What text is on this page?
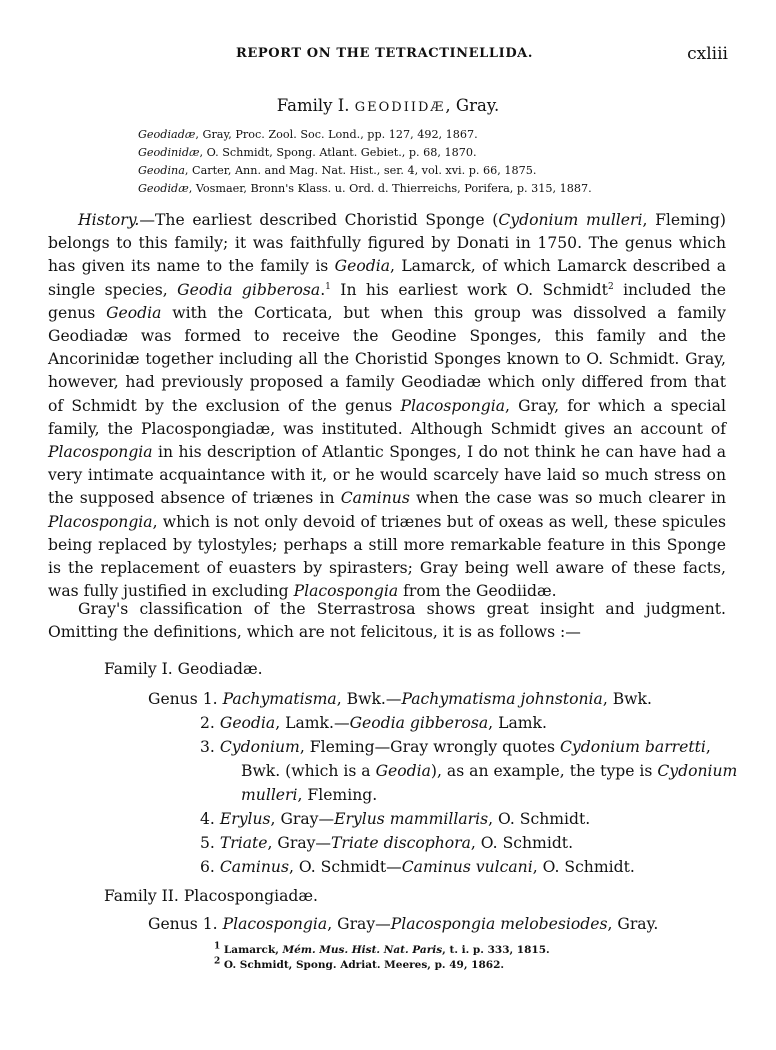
REPORT ON THE TETRACTINELLIDA.	cxliii
Family I. GEODIIDÆ, Gray.
Geodiadæ, Gray, Proc. Zool. Soc. Lond., pp. 127, 492, 1867.
Geodinidæ, O. Schmidt, Spong. Atlant. Gebiet., p. 68, 1870.
Geodina, Carter, Ann. and Mag. Nat. Hist., ser. 4, vol. xvi. p. 66, 1875.
Geodidæ, Vosmaer, Bronn's Klass. u. Ord. d. Thierreichs, Porifera, p. 315, 1887.
History.—The earliest described Choristid Sponge (Cydonium mulleri, Fleming) belongs to this family; it was faithfully figured by Donati in 1750. The genus which has given its name to the family is Geodia, Lamarck, of which Lamarck described a single species, Geodia gibberosa.$^1$ In his earliest work O. Schmidt$^2$ included the genus Geodia with the Corticata, but when this group was dissolved a family Geodiadæ was formed to receive the Geodine Sponges, this family and the Ancorinidæ together including all the Choristid Sponges known to O. Schmidt. Gray, however, had previously proposed a family Geodiadæ which only differed from that of Schmidt by the exclusion of the genus Placospongia, Gray, for which a special family, the Placospongiadæ, was instituted. Although Schmidt gives an account of Placospongia in his description of Atlantic Sponges, I do not think he can have had a very intimate acquaintance with it, or he would scarcely have laid so much stress on the supposed absence of triænes in Caminus when the case was so much clearer in Placospongia, which is not only devoid of triænes but of oxeas as well, these spicules being replaced by tylostyles; perhaps a still more remarkable feature in this Sponge is the replacement of euasters by spirasters; Gray being well aware of these facts, was fully justified in excluding Placospongia from the Geodiidæ.
Gray's classification of the Sterrastrosa shows great insight and judgment. Omitting the definitions, which are not felicitous, it is as follows :—
Family I. Geodiadæ.
Genus 1. Pachymatisma, Bwk.—Pachymatisma johnstonia, Bwk.
2. Geodia, Lamk.—Geodia gibberosa, Lamk.
3. Cydonium, Fleming—Gray wrongly quotes Cydonium barretti,
Bwk. (which is a Geodia), as an example, the type is Cydonium
mulleri, Fleming.
4. Erylus, Gray—Erylus mammillaris, O. Schmidt.
5. Triate, Gray—Triate discophora, O. Schmidt.
6. Caminus, O. Schmidt—Caminus vulcani, O. Schmidt.
Family II. Placospongiadæ.
Genus 1. Placospongia, Gray—Placospongia melobesiodes, Gray.
$^1$ Lamarck, Mém. Mus. Hist. Nat. Paris, t. i. p. 333, 1815.
$^2$ O. Schmidt, Spong. Adriat. Meeres, p. 49, 1862.
